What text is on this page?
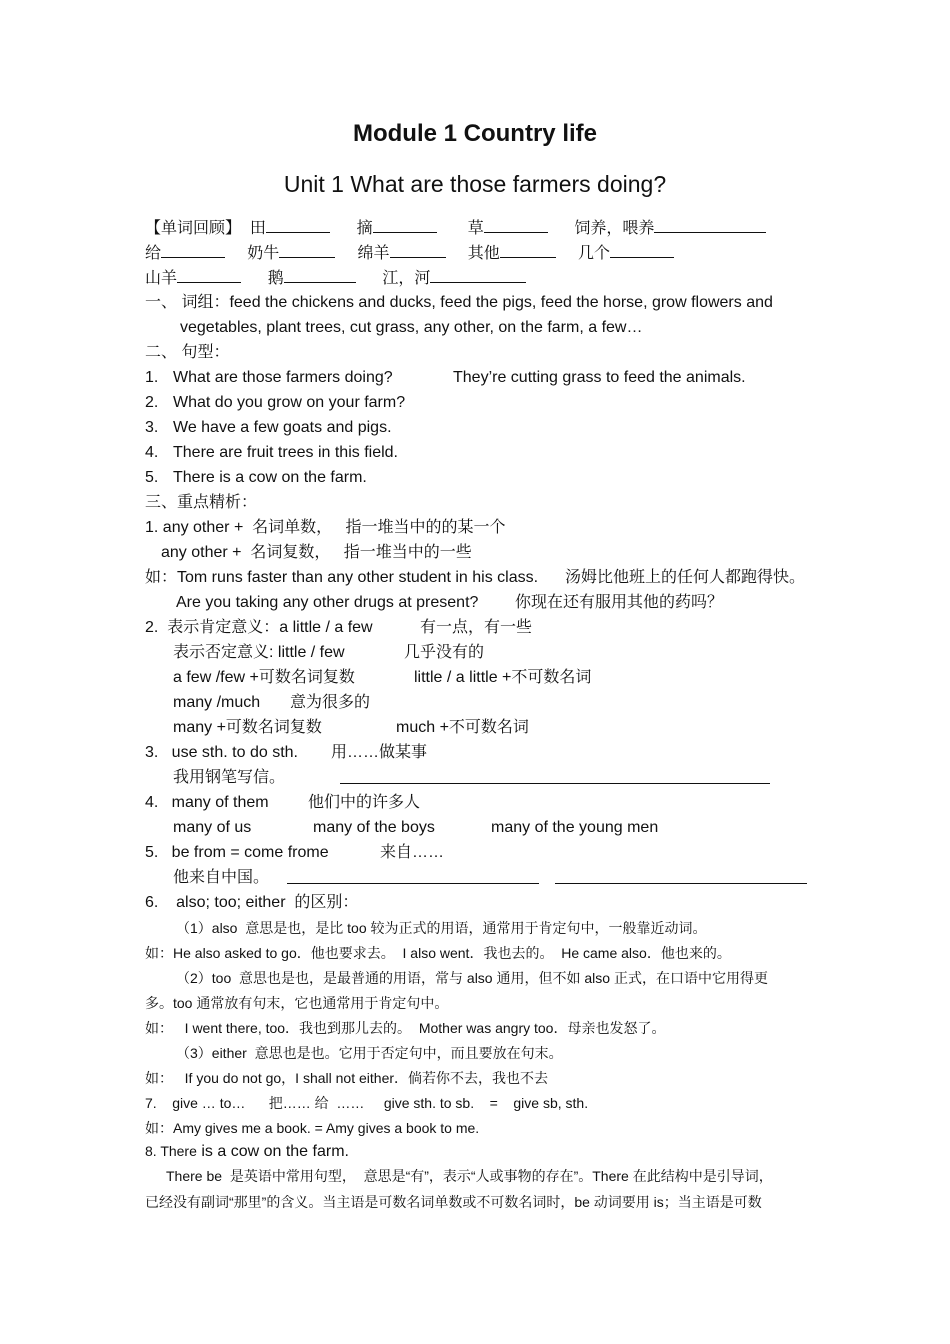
Module 1 Country life
Unit 1 What are those farmers doing?
【单词回顾】 田	摘	草	饲养，喂养
给	奶牛	绵羊	其他	几个
山羊	鹅	江，河
一、 词组：feed the chickens and ducks, feed the pigs, feed the horse, grow flowers and
vegetables, plant trees, cut grass, any other, on the farm, a few…
二、 句型：
1. What are those farmers doing?	They’re cutting grass to feed the animals.
2. What do you grow on your farm?
3. We have a few goats and pigs.
4. There are fruit trees in this field.
5. There is a cow on the farm.
三、重点精析：
1. any other +  名词单数，   指一堆当中的的某一个
any other +  名词复数，   指一堆当中的一些
如：Tom runs faster than any other student in his class. 汤姆比他班上的任何人都跑得快。
Are you taking any other drugs at present? 你现在还有服用其他的药吗？
2.  表示肯定意义：a little / a few	有一点，有一些
表示否定意义: little / few	几乎没有的
a few /few +可数名词复数	little / a little +不可数名词
many /much 意为很多的
many +可数名词复数	much +不可数名词
3.   use sth. to do sth. 用……做某事
我用钢笔写信。
4.   many of them 他们中的许多人
many of us	many of the boys	many of the young men
5.   be from = come frome	来自……
他来自中国。
6.    also; too; either  的区别：
（1）also  意思是也，是比 too 较为正式的用语，通常用于肯定句中，一般靠近动词。
如：He also asked to go．他也要求去。  I also went．我也去的。  He came also．他也来的。
（2）too  意思也是也，是最普通的用语，常与 also 通用，但不如 also 正式，在口语中它用得更
多。too 通常放有句末，它也通常用于肯定句中。
如：   I went there, too．我也到那儿去的。  Mother was angry too．母亲也发怒了。
（3）either  意思也是也。它用于否定句中，而且要放在句末。
如：   If you do not go，I shall not either．倘若你不去，我也不去
7.    give … to…      把…… 给  ……     give sth. to sb.    =    give sb, sth.
如：Amy gives me a book. = Amy gives a book to me.
8. There is a cow on the farm.
There be  是英语中常用句型，  意思是“有”，表示“人或事物的存在”。There 在此结构中是引导词，
已经没有副词“那里”的含义。当主语是可数名词单数或不可数名词时，be 动词要用 is；当主语是可数
